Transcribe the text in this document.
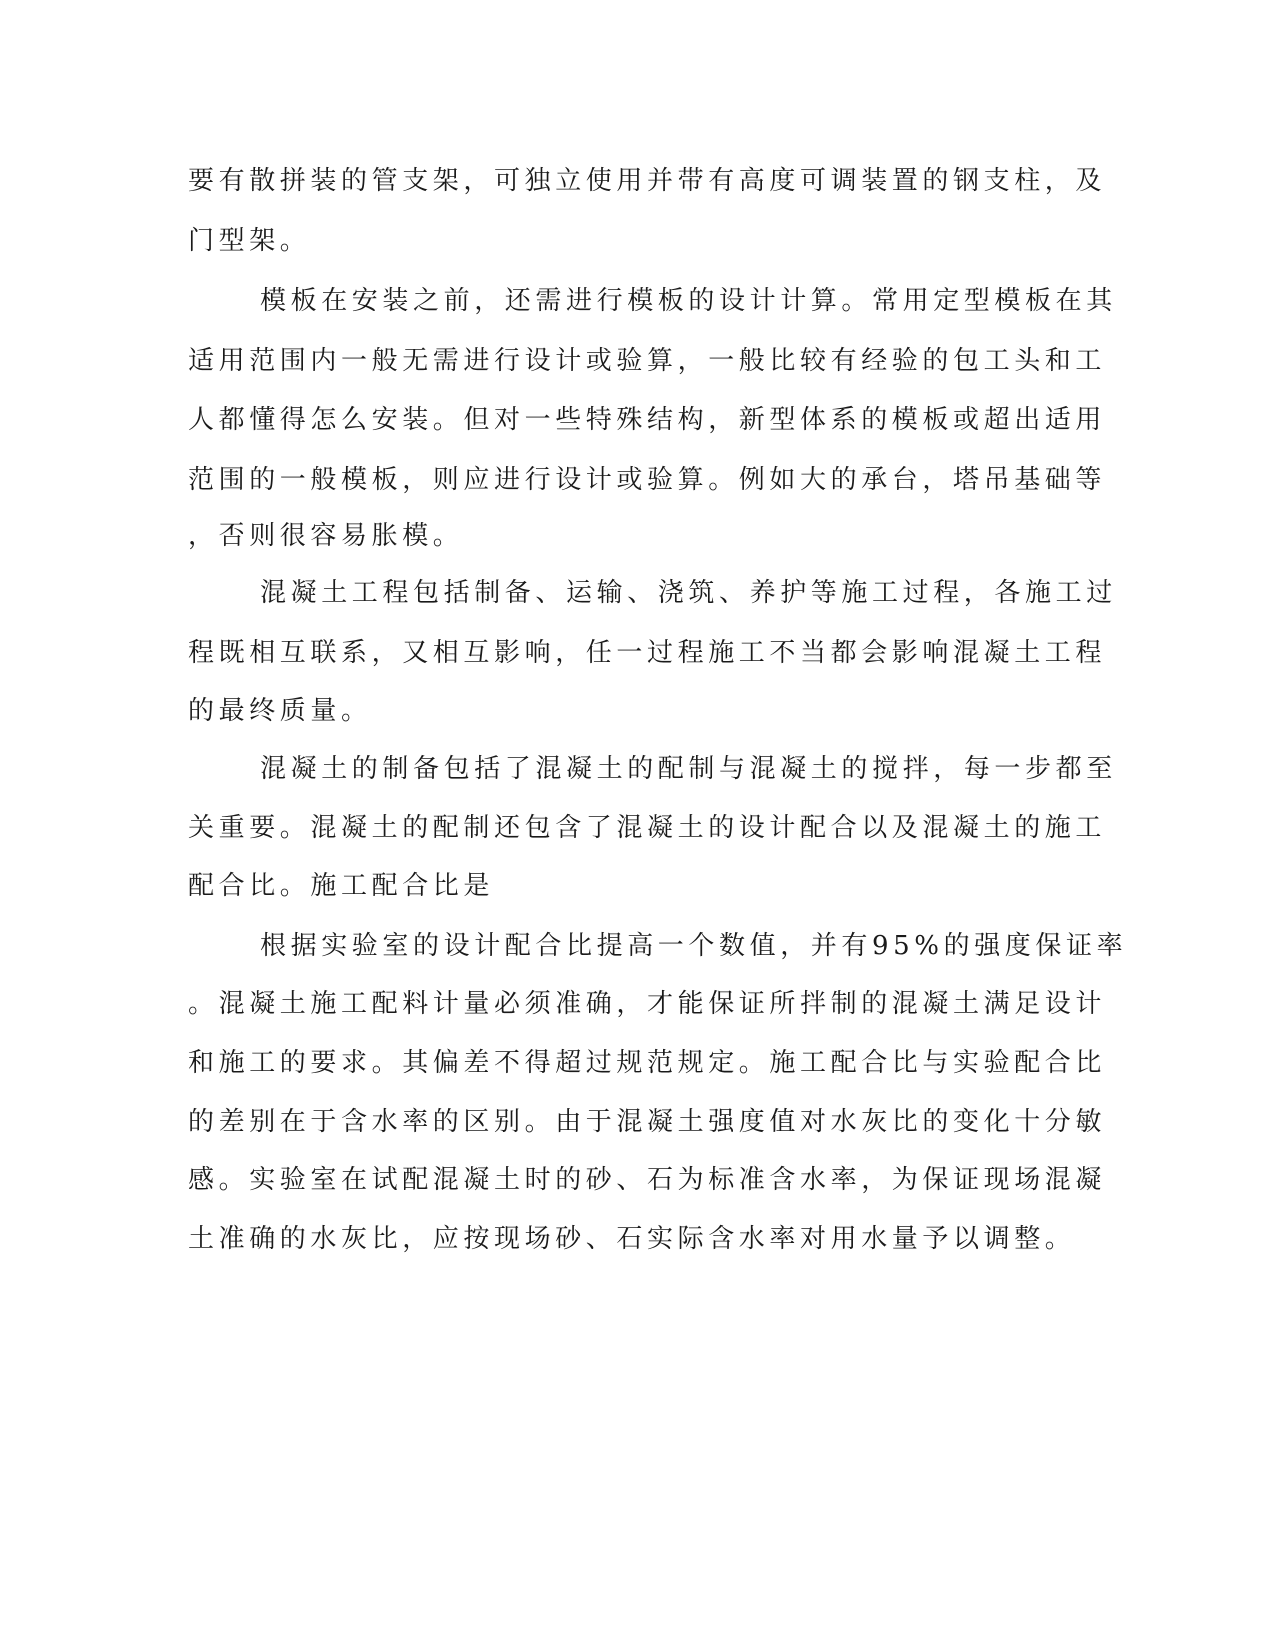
要有散拼装的管支架，可独立使用并带有高度可调装置的钢支柱，及
门型架。
模板在安装之前，还需进行模板的设计计算。常用定型模板在其
适用范围内一般无需进行设计或验算，一般比较有经验的包工头和工
人都懂得怎么安装。但对一些特殊结构，新型体系的模板或超出适用
范围的一般模板，则应进行设计或验算。例如大的承台，塔吊基础等
，否则很容易胀模。
混凝土工程包括制备、运输、浇筑、养护等施工过程，各施工过
程既相互联系，又相互影响，任一过程施工不当都会影响混凝土工程
的最终质量。
混凝土的制备包括了混凝土的配制与混凝土的搅拌，每一步都至
关重要。混凝土的配制还包含了混凝土的设计配合以及混凝土的施工
配合比。施工配合比是
根据实验室的设计配合比提高一个数值，并有95%的强度保证率
。混凝土施工配料计量必须准确，才能保证所拌制的混凝土满足设计
和施工的要求。其偏差不得超过规范规定。施工配合比与实验配合比
的差别在于含水率的区别。由于混凝土强度值对水灰比的变化十分敏
感。实验室在试配混凝土时的砂、石为标准含水率，为保证现场混凝
土准确的水灰比，应按现场砂、石实际含水率对用水量予以调整。
